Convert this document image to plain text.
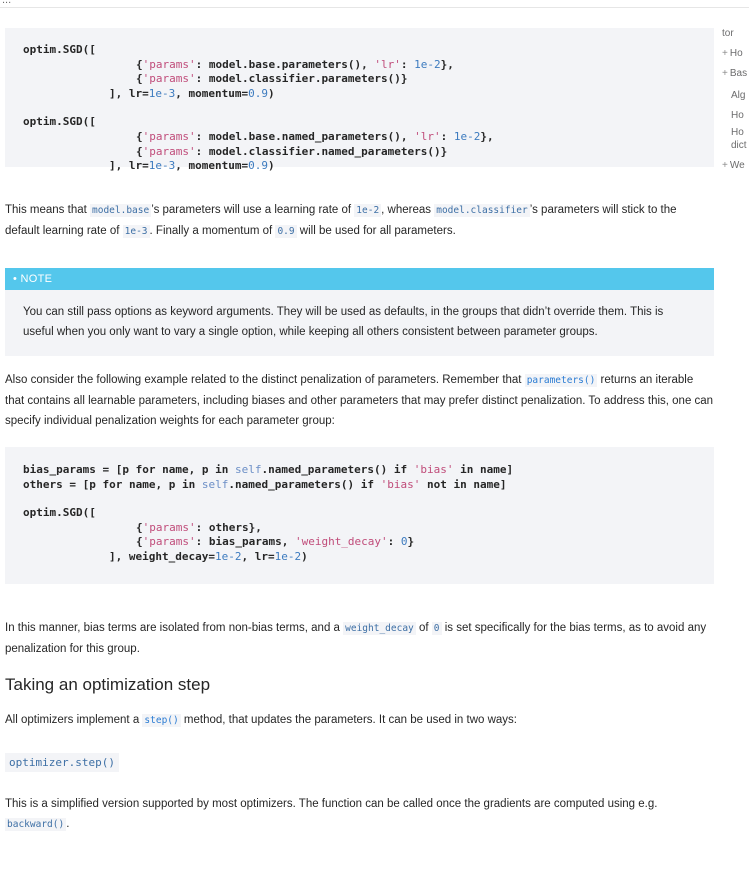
...
optim.SGD([
{'params': model.base.parameters(), 'lr': 1e-2},
{'params': model.classifier.parameters()}
], lr=1e-3, momentum=0.9)
optim.SGD([
{'params': model.base.named_parameters(), 'lr': 1e-2},
{'params': model.classifier.named_parameters()}
], lr=1e-3, momentum=0.9)

This means that model.base ’s parameters will use a learning rate of 1e-2 , whereas model.classifier ’s parameters will stick to the default learning rate of 1e-3 . Finally a momentum of 0.9 will be used for all parameters.

• NOTE

You can still pass options as keyword arguments. They will be used as defaults, in the groups that didn’t override them. This is useful when you only want to vary a single option, while keeping all others consistent between parameter groups.

Also consider the following example related to the distinct penalization of parameters. Remember that parameters() returns an iterable that contains all learnable parameters, including biases and other parameters that may prefer distinct penalization. To address this, one can specify individual penalization weights for each parameter group:

bias_params = [p for name, p in self.named_parameters() if 'bias' in name]
others = [p for name, p in self.named_parameters() if 'bias' not in name]
optim.SGD([
{'params': others},
{'params': bias_params, 'weight_decay': 0}
], weight_decay=1e-2, lr=1e-2)

In this manner, bias terms are isolated from non-bias terms, and a weight_decay of 0 is set specifically for the bias terms, as to avoid any penalization for this group.

Taking an optimization step

All optimizers implement a step() method, that updates the parameters. It can be used in two ways:

optimizer.step()

This is a simplified version supported by most optimizers. The function can be called once the gradients are computed using e.g. backward() .

tor
+ Ho
+ Bas
Alg
Ho
Ho
dict
+ We
